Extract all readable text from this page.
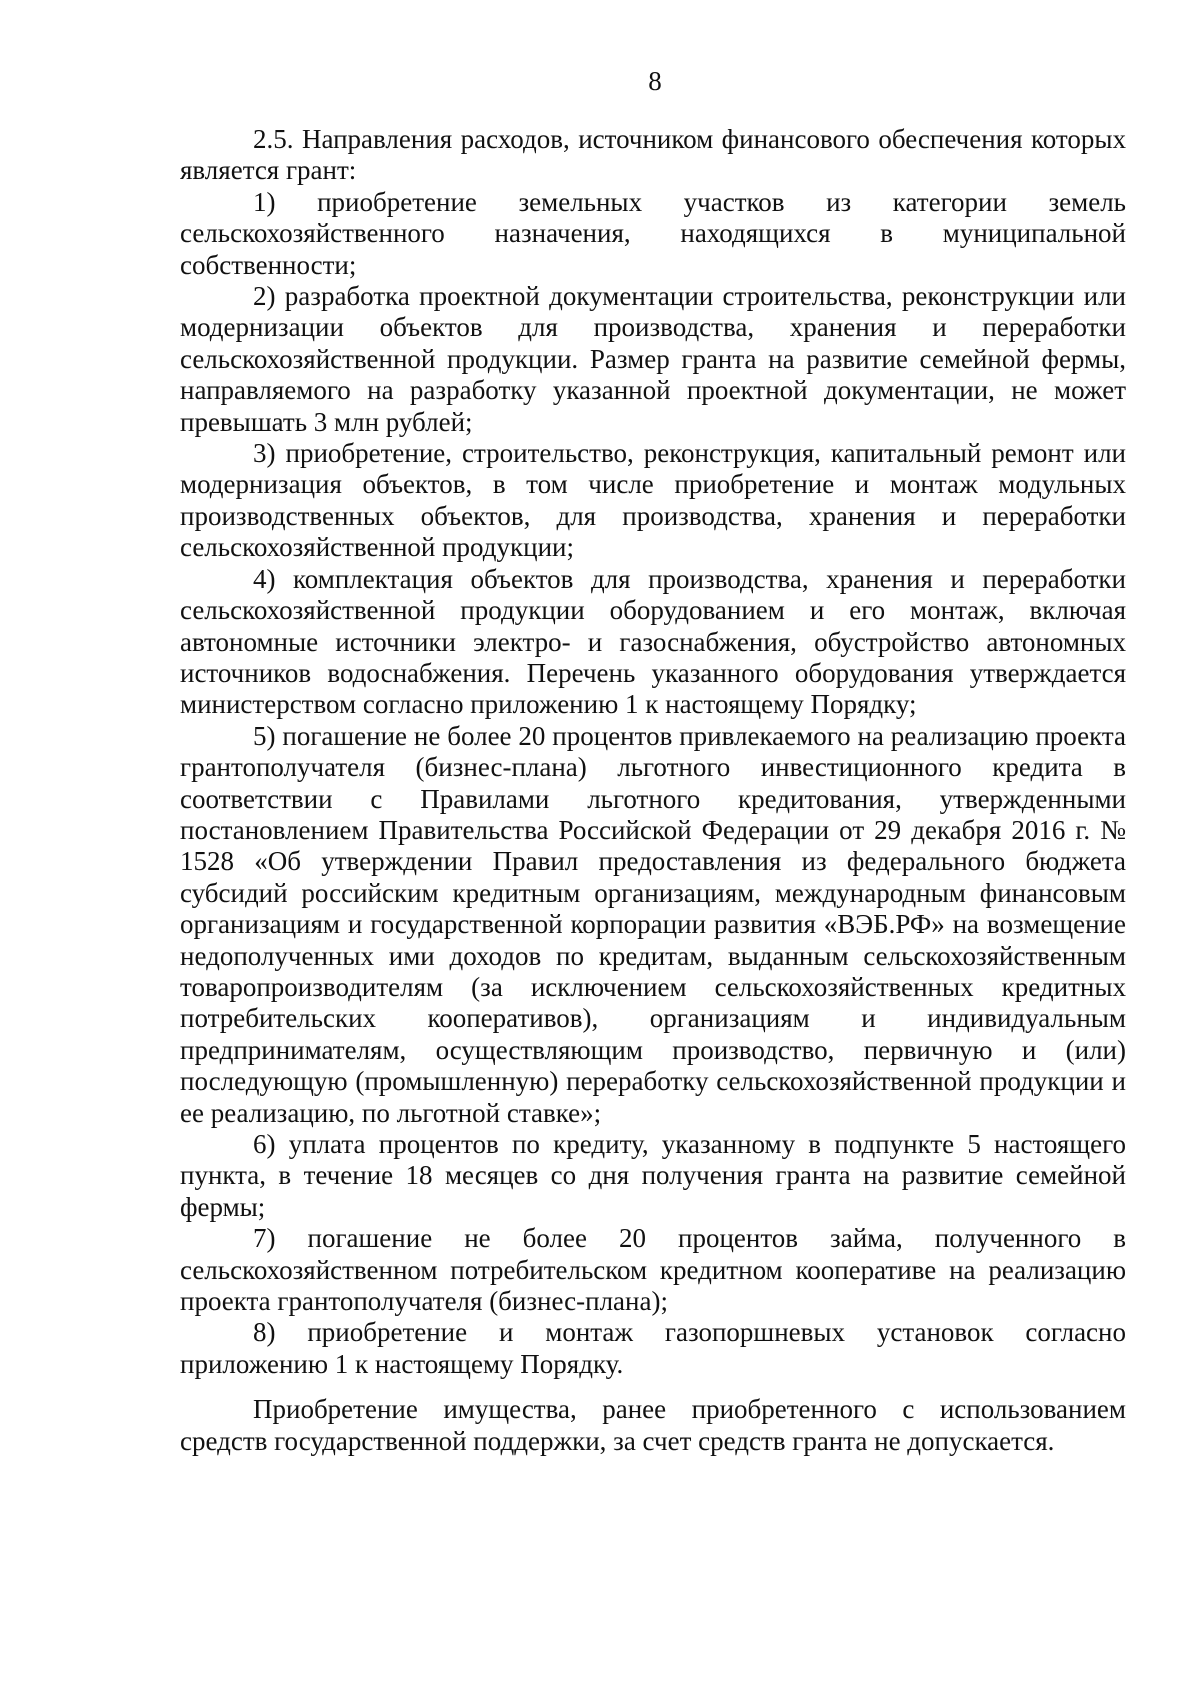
8

2.5. Направления расходов, источником финансового обеспечения которых является грант:

1) приобретение земельных участков из категории земель сельскохозяйственного назначения, находящихся в муниципальной собственности;

2) разработка проектной документации строительства, реконструкции или модернизации объектов для производства, хранения и переработки сельскохозяйственной продукции. Размер гранта на развитие семейной фермы, направляемого на разработку указанной проектной документации, не может превышать 3 млн рублей;

3) приобретение, строительство, реконструкция, капитальный ремонт или модернизация объектов, в том числе приобретение и монтаж модульных производственных объектов, для производства, хранения и переработки сельскохозяйственной продукции;

4) комплектация объектов для производства, хранения и переработки сельскохозяйственной продукции оборудованием и его монтаж, включая автономные источники электро- и газоснабжения, обустройство автономных источников водоснабжения. Перечень указанного оборудования утверждается министерством согласно приложению 1 к настоящему Порядку;

5) погашение не более 20 процентов привлекаемого на реализацию проекта грантополучателя (бизнес-плана) льготного инвестиционного кредита в соответствии с Правилами льготного кредитования, утвержденными постановлением Правительства Российской Федерации от 29 декабря 2016 г. № 1528 «Об утверждении Правил предоставления из федерального бюджета субсидий российским кредитным организациям, международным финансовым организациям и государственной корпорации развития «ВЭБ.РФ» на возмещение недополученных ими доходов по кредитам, выданным сельскохозяйственным товаропроизводителям (за исключением сельскохозяйственных кредитных потребительских кооперативов), организациям и индивидуальным предпринимателям, осуществляющим производство, первичную и (или) последующую (промышленную) переработку сельскохозяйственной продукции и ее реализацию, по льготной ставке»;

6) уплата процентов по кредиту, указанному в подпункте 5 настоящего пункта, в течение 18 месяцев со дня получения гранта на развитие семейной фермы;

7) погашение не более 20 процентов займа, полученного в сельскохозяйственном потребительском кредитном кооперативе на реализацию проекта грантополучателя (бизнес-плана);

8) приобретение и монтаж газопоршневых установок согласно приложению 1 к настоящему Порядку.

Приобретение имущества, ранее приобретенного с использованием средств государственной поддержки, за счет средств гранта не допускается.
